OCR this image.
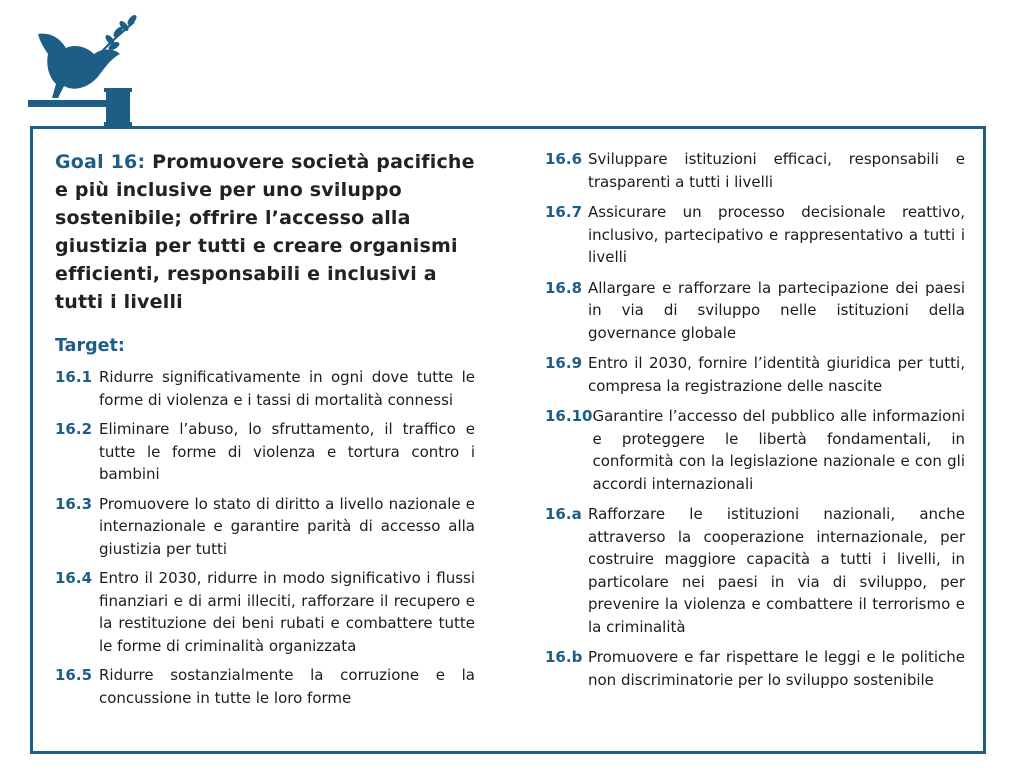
Goal 16: Promuovere società pacifiche e più inclusive per uno sviluppo sostenibile; offrire l’accesso alla giustizia per tutti e creare organismi efficienti, responsabili e inclusivi a tutti i livelli

Target:
16.1 Ridurre significativamente in ogni dove tutte le forme di violenza e i tassi di mortalità connessi
16.2 Eliminare l’abuso, lo sfruttamento, il traffico e tutte le forme di violenza e tortura contro i bambini
16.3 Promuovere lo stato di diritto a livello nazionale e internazionale e garantire parità di accesso alla giustizia per tutti
16.4 Entro il 2030, ridurre in modo significativo i flussi finanziari e di armi illeciti, rafforzare il recupero e la restituzione dei beni rubati e combattere tutte le forme di criminalità organizzata
16.5 Ridurre sostanzialmente la corruzione e la concussione in tutte le loro forme
16.6 Sviluppare istituzioni efficaci, responsabili e trasparenti a tutti i livelli
16.7 Assicurare un processo decisionale reattivo, inclusivo, partecipativo e rappresentativo a tutti i livelli
16.8 Allargare e rafforzare la partecipazione dei paesi in via di sviluppo nelle istituzioni della governance globale
16.9 Entro il 2030, fornire l’identità giuridica per tutti, compresa la registrazione delle nascite
16.10 Garantire l’accesso del pubblico alle informazioni e proteggere le libertà fondamentali, in conformità con la legislazione nazionale e con gli accordi internazionali
16.a Rafforzare le istituzioni nazionali, anche attraverso la cooperazione internazionale, per costruire maggiore capacità a tutti i livelli, in particolare nei paesi in via di sviluppo, per prevenire la violenza e combattere il terrorismo e la criminalità
16.b Promuovere e far rispettare le leggi e le politiche non discriminatorie per lo sviluppo sostenibile
